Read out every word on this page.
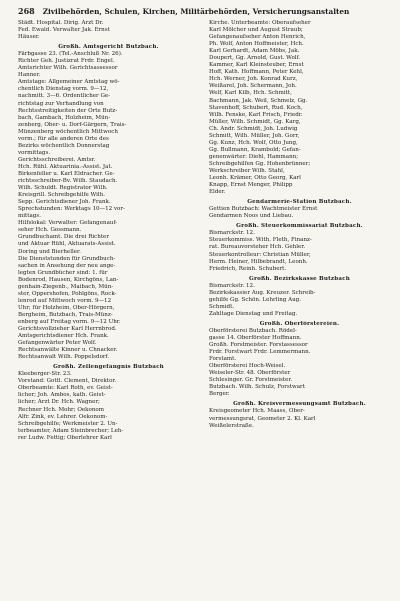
268 Zivilbehörden, Schulen, Kirchen, Militärbehörden, Versicherungsanstalten
Städt. Hospital. Dirig. Arzt Dr.
Fed. Ewald. Verwalter Jak. Ernst
Häuser.
Großh. Amtsgericht Butzbach.
Färbgasse 23. (Tel.-Anschluß Nr. 26).
Richter Geh. Justizrat Frdr. Engel.
Amtsrichter Wilh. Gerichtsassessor
Hanner.
Amtstage: Allgemeiner Amtstag wö-
chentlich Dienstag vorm. 9—12,
nachmitt. 3—6. Ordentlicher Ge-
richtstag zur Verhandlung von
Rechtsstreitigkeiten der Orte Butz-
bach, Gambach, Holzheim, Mün-
zenberg, Ober- u. Dorf-Gärgern, Trais-
Münzenberg wöchentlich Mittwoch
vorm.; für alle anderen Orte des
Bezirks wöchentlich Donnerstag
vormittags.
Gerichtsschreiberei. Amtsr.
Hch. Rühl. Aktuarinia.-Assist. Jat.
Birkenfeller u. Karl Eldracher. Ge-
richtsschreiber-Bv. Wilh. Staudach.
Wilh. Schuldt. Registrator Wilh.
Kreisgrill. Schreibgehilfe Wilh.
Sepp. Gerichtsdiener Joh. Frank.
Sprechstunden: Werktags 10—12 vor-
mittags.
Hilfslokal: Verwalter: Gefangenauf-
seher Hch. Gossmann.
Grundbuchamt. Die drei Richter
und Aktuar Rühl, Aktuarats-Assist.
Doring und Bierheller.
Die Dienststunden für Grundbuch-
sachen in Ansehung der neu ange-
legten Grundbücher sind: 1. für
Bodenrod, Hausen, Kirchgöns, Lan-
genhain-Ziegenb., Maibach, Mün-
ster, Oppershofen, Pohlgöns, Rock-
lenrod auf Mittwoch vorm. 9—12
Uhr; für Holzheim, Ober-Hörgern,
Bergheim, Butzbach, Trais-Münz-
enberg auf Freitag vorm. 9—12 Uhr.
Gerichtsvollzieher Karl Herrnbrod.
Amtsgerichtsdiener Hch. Frank.
Gefangenwärter Peter Wolf.
Rechtsanwälte Kinner u. Chnacker.
Rechtsanwalt Wilh. Poppelsdorf.
Großh. Zellengefängnis Butzbach
Kleeberger-Str. 23.
Vorstand: Gottl. Clement, Direktor.
Oberbeamte: Karl Roth, ev. Geist-
licher; Joh. Ambos, kath. Geist-
licher; Arzt Dr. Hch. Wagner;
Rechner Hch. Mohr; Oekonom
Alfr. Zink, ev. Lehrer. Oekonom-
Schreibgehilfe; Werkmeister 2. Un-
terbeamter, Adam Steinbrecher; Leh-
rer Ludw. Fettig; Oberlehrer Karl
Kirche. Unterbeamte: Oberaufseher
Karl Mölcher und August Straub;
Gefangenaufseher Anton Henrich,
Ph. Wolf, Anton Hoffmeister, Hch.
Karl Gerhardt, Adam Möbs, Jak.
Doupert, Gg. Arnold, Gust. Wolf.
Kammer, Karl Kleinsteuber, Ernst
Hoff, Kath. Hoffmann, Peter Kehl,
Hch. Werner, Joh. Konrad Kurz,
Weißarel, Joh. Schermann, Joh.
Welf, Karl Kilb, Hch. Schmitt,
Bachmann, Jak. Weil, Schmelz, Gg.
Stavenhoff, Schubert, Rud. Koch,
Wilh. Fenske, Karl Frisch, Friedr.
Müller, Wilh. Schmidt, Gg. Karg,
Ch. Andr. Schmidt, Joh. Ludwig
Schmitt, Wilh. Müller, Joh. Gorr,
Gg. Kunz, Hch. Wolf, Otto Jung,
Gg. Bullmann, Krambold; Gefan-
genenwärter: Diehl, Hammann;
Schreibgehilfen Gg. Hohenbrünner;
Werkschreiber Wilh. Stahl,
Leonh. Krämer, Otto Georg, Karl
Knapp, Ernst Menger, Philipp
Elder.
Gendarmerie-Station Butzbach.
Gettien Butzbach: Wachtmeister Ernst
Gendarmen Noos und Liebau.
Großh. Steuerkommissariat Butzbach.
Bismarckstr. 12.
Steuerkommiss. With. Fleth, Finanz-
rat. Bureauvorsteher Hch. Gehler.
Steuerkontrolleur: Christian Müller,
Herm. Heiner, Hilbebrandt, Leonh.
Friedrich, Reinh. Schubert.
Großh. Bezirkskasse Butzbach
Bismarckstr. 12.
Bezirkskassier Aug. Kreuzer. Schreib-
gehilfe Gg. Schön. Lehrling Aug.
Schmidt.
Zahltage Dienstag und Freitag.
Großh. Oberförstereien.
Oberförsterei Butzbach. Rödel-
gasse 14. Oberförster Hoffmann.
Großh. Forstmeister. Forstassessor
Frdr. Forstwart Frdr. Lemmermann.
Forstamt.
Oberförsterei Hoch-Weisel.
Weiseler-Str. 48. Oberförster
Schlesinger. Gr. Forstmeister.
Butzbach. Wilh. Schulz, Forstwart
Berger.
Großh. Kreisvermessungsamt Butzbach.
Kreisgeometer Hch. Maass, Ober-
vermessungsrat, Geometer 2. Kl. Karl
Weißelerstraße.
